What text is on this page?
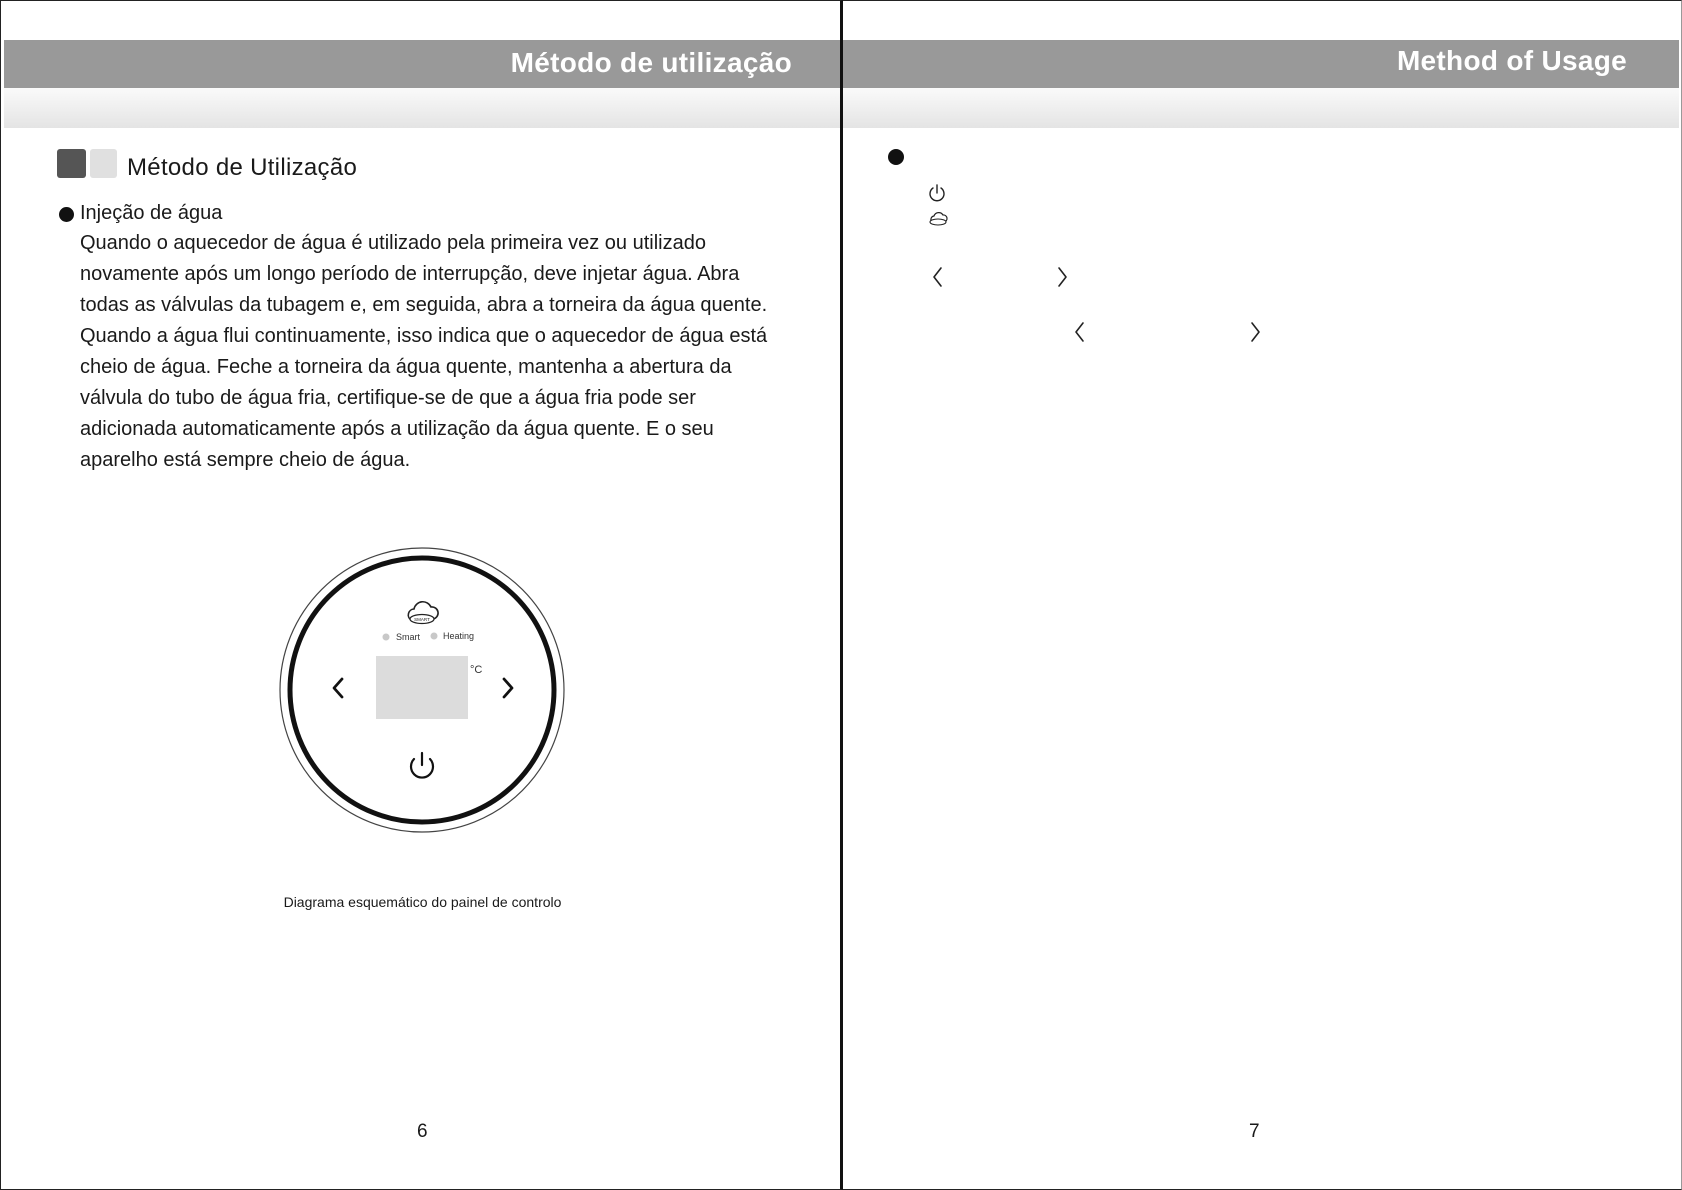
Método de utilização
Método de Utilização
Injeção de água
Quando o aquecedor de água é utilizado pela primeira vez ou utilizado
novamente após um longo período de interrupção, deve injetar água. Abra
todas as válvulas da tubagem e, em seguida, abra a torneira da água quente.
Quando a água flui continuamente, isso indica que o aquecedor de água está
cheio de água. Feche a torneira da água quente, mantenha a abertura da
válvula do tubo de água fria, certifique-se de que a água fria pode ser
adicionada automaticamente após a utilização da água quente. E o seu
aparelho está sempre cheio de água.
SMART
Smart	Heating
°C
Diagrama esquemático do painel de controlo
6
Method of Usage
7
